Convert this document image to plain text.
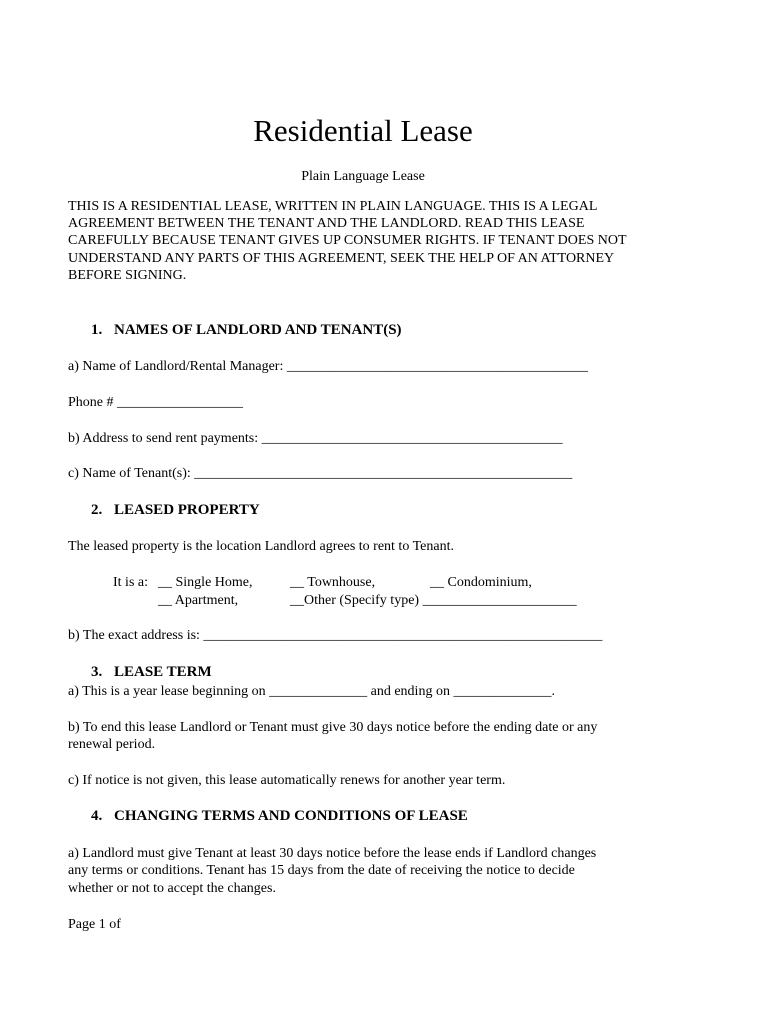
Residential Lease
Plain Language Lease
THIS IS A RESIDENTIAL LEASE, WRITTEN IN PLAIN LANGUAGE. THIS IS A LEGAL
AGREEMENT BETWEEN THE TENANT AND THE LANDLORD. READ THIS LEASE
CAREFULLY BECAUSE TENANT GIVES UP CONSUMER RIGHTS. IF TENANT DOES NOT
UNDERSTAND ANY PARTS OF THIS AGREEMENT, SEEK THE HELP OF AN ATTORNEY
BEFORE SIGNING.
1. NAMES OF LANDLORD AND TENANT(S)
a) Name of Landlord/Rental Manager: ___________________________________________
Phone # __________________
b) Address to send rent payments: ___________________________________________
c) Name of Tenant(s): ______________________________________________________
2. LEASED PROPERTY
The leased property is the location Landlord agrees to rent to Tenant.
It is a: __ Single Home,	__ Townhouse,	__ Condominium,
__ Apartment,	__Other (Specify type) ______________________
b) The exact address is: _________________________________________________________
3. LEASE TERM
a) This is a year lease beginning on ______________ and ending on ______________.
b) To end this lease Landlord or Tenant must give 30 days notice before the ending date or any
renewal period.
c) If notice is not given, this lease automatically renews for another year term.
4. CHANGING TERMS AND CONDITIONS OF LEASE
a) Landlord must give Tenant at least 30 days notice before the lease ends if Landlord changes
any terms or conditions. Tenant has 15 days from the date of receiving the notice to decide
whether or not to accept the changes.
Page 1 of
